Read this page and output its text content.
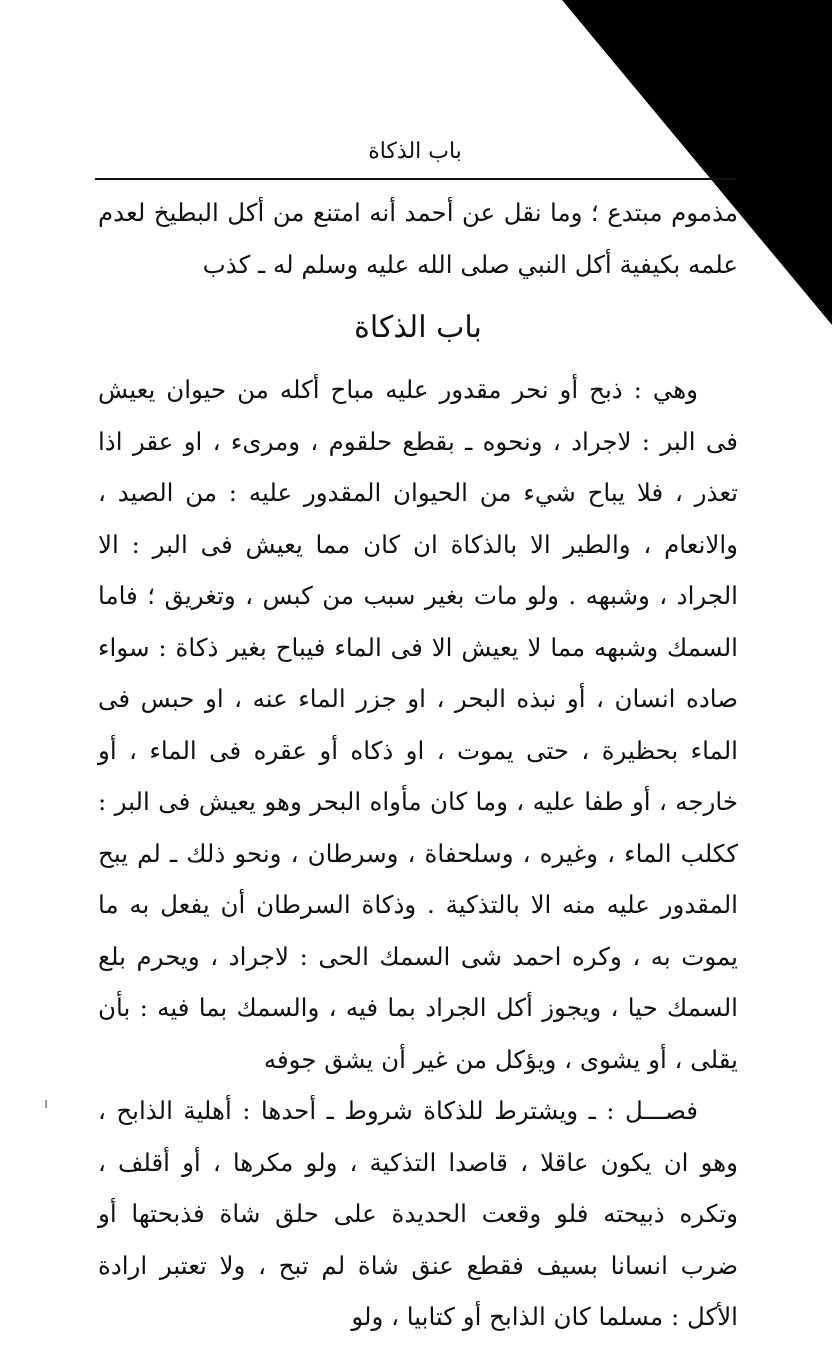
باب الذكاة

مذموم مبتدع ؛ وما نقل عن أحمد أنه امتنع من أكل البطيخ لعدم علمه بكيفية أكل النبي صلى الله عليه وسلم له ـ كذب

باب الذكاة

وهي : ذبح أو نحر مقدور عليه مباح أكله من حيوان يعيش فى البر : لاجراد ، ونحوه ـ بقطع حلقوم ، ومرىء ، او عقر اذا تعذر ، فلا يباح شيء من الحيوان المقدور عليه : من الصيد ، والانعام ، والطير الا بالذكاة ان كان مما يعيش فى البر : الا الجراد ، وشبهه . ولو مات بغير سبب من كبس ، وتغريق ؛ فاما السمك وشبهه مما لا يعيش الا فى الماء فيباح بغير ذكاة : سواء صاده انسان ، أو نبذه البحر ، او جزر الماء عنه ، او حبس فى الماء بحظيرة ، حتى يموت ، او ذكاه أو عقره فى الماء ، أو خارجه ، أو طفا عليه ، وما كان مأواه البحر وهو يعيش فى البر : ككلب الماء ، وغيره ، وسلحفاة ، وسرطان ، ونحو ذلك ـ لم يبح المقدور عليه منه الا بالتذكية . وذكاة السرطان أن يفعل به ما يموت به ، وكره احمد شى السمك الحى : لاجراد ، ويحرم بلع السمك حيا ، ويجوز أكل الجراد بما فيه ، والسمك بما فيه : بأن يقلى ، أو يشوى ، ويؤكل من غير أن يشق جوفه

فصـــل : ـ ويشترط للذكاة شروط ـ أحدها : أهلية الذابح ، وهو ان يكون عاقلا ، قاصدا التذكية ، ولو مكرها ، أو أقلف ، وتكره ذبيحته فلو وقعت الحديدة على حلق شاة فذبحتها أو ضرب انسانا بسيف فقطع عنق شاة لم تبح ، ولا تعتبر ارادة الأكل : مسلما كان الذابح أو كتابيا ، ولو
